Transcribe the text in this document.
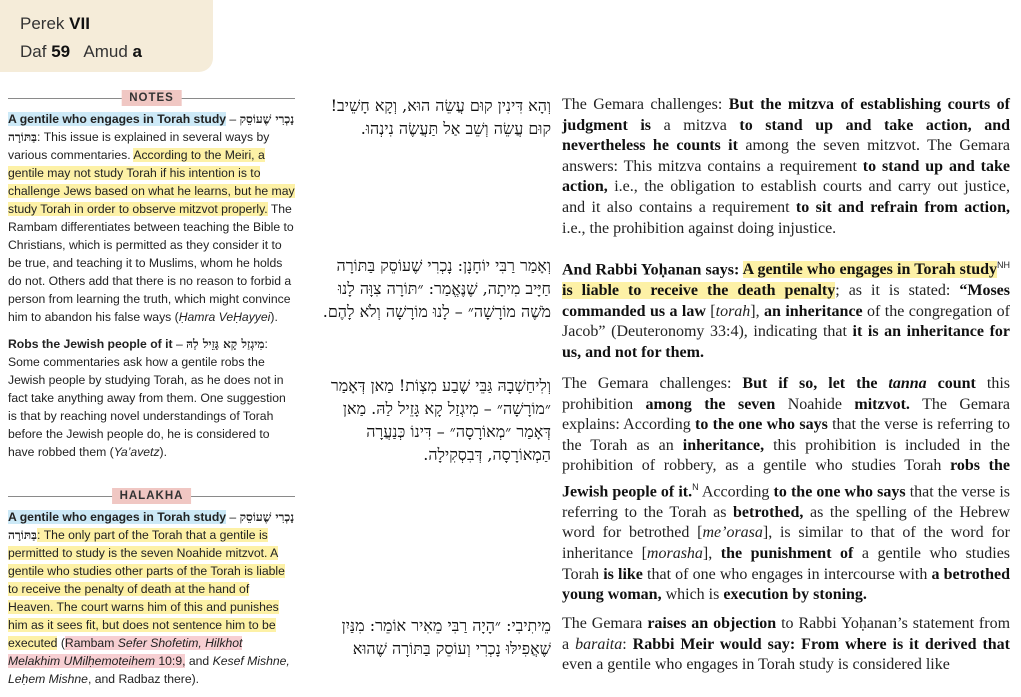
Perek VII
Daf 59 Amud a
NOTES

A gentile who engages in Torah study – נָכְרִי שֶׁעוֹסֵק בַּתּוֹרָה: This issue is explained in several ways by various commentaries. According to the Meiri, a gentile may not study Torah if his intention is to challenge Jews based on what he learns, but he may study Torah in order to observe mitzvot properly. The Rambam differentiates between teaching the Bible to Christians, which is permitted as they consider it to be true, and teaching it to Muslims, whom he holds do not. Others add that there is no reason to forbid a person from learning the truth, which might convince him to abandon his false ways (Ḥamra VeḤayyei).

Robs the Jewish people of it – מִיגְזַל קָא גָּזֵיל לַהּ: Some commentaries ask how a gentile robs the Jewish people by studying Torah, as he does not in fact take anything away from them. One suggestion is that by reaching novel understandings of Torah before the Jewish people do, he is considered to have robbed them (Ya’avetz).

HALAKHA

A gentile who engages in Torah study – נָכְרִי שֶׁעוֹסֵק בַּתּוֹרָה: The only part of the Torah that a gentile is permitted to study is the seven Noahide mitzvot. A gentile who studies other parts of the Torah is liable to receive the penalty of death at the hand of Heaven. The court warns him of this and punishes him as it sees fit, but does not sentence him to be executed (Rambam Sefer Shofetim, Hilkhot Melakhim UMilḥemoteihem 10:9, and Kesef Mishne, Leḥem Mishne, and Radbaz there).

וְהָא דִּינִין קוּם עֲשֵׂה הוּא, וְקָא חָשֵׁיב! קוּם עֲשֵׂה וְשֵׁב אַל תַּעֲשֶׂה נִינְהוּ.
וְאָמַר רַבִּי יוֹחָנָן: נָכְרִי שֶׁעוֹסֵק בַּתּוֹרָה חַיָּיב מִיתָה, שֶׁנֶּאֱמַר: ״תּוֹרָה צִוָּה לָנוּ מֹשֶׁה מוֹרָשָׁה״ – לָנוּ מוֹרָשָׁה וְלֹא לָהֶם.
וְלִיחַשְׁבָהּ גַּבֵּי שֶׁבַע מִצְוֹת! מַאן דְּאָמַר ״מוֹרָשָׁה״ – מִיגְזַל קָא גָּזֵיל לַהּ. מַאן דְּאָמַר ״מְאוֹרָסָה״ – דִּינוֹ כְּנַעֲרָה הַמְאוֹרָסָה, דְּבִסְקִילָה.
מֵיתִיבִי: ״הָיָה רַבִּי מֵאִיר אוֹמֵר: מִנַּיִן שֶׁאֲפִילּוּ נָכְרִי וְעוֹסֵק בַּתּוֹרָה שֶׁהוּא
The Gemara challenges: But the mitzva of establishing courts of judgment is a mitzva to stand up and take action, and nevertheless he counts it among the seven mitzvot. The Gemara answers: This mitzva contains a requirement to stand up and take action, i.e., the obligation to establish courts and carry out justice, and it also contains a requirement to sit and refrain from action, i.e., the prohibition against doing injustice.
And Rabbi Yoḥanan says: A gentile who engages in Torah study$^{NH}$ is liable to receive the death penalty; as it is stated: “Moses commanded us a law [torah], an inheritance of the congregation of Jacob” (Deuteronomy 33:4), indicating that it is an inheritance for us, and not for them.
The Gemara challenges: But if so, let the tanna count this prohibition among the seven Noahide mitzvot. The Gemara explains: According to the one who says that the verse is referring to the Torah as an inheritance, this prohibition is included in the prohibition of robbery, as a gentile who studies Torah robs the Jewish people of it.$^N$ According to the one who says that the verse is referring to the Torah as betrothed, as the spelling of the Hebrew word for betrothed [me’orasa], is similar to that of the word for inheritance [morasha], the punishment of a gentile who studies Torah is like that of one who engages in intercourse with a betrothed young woman, which is execution by stoning.
The Gemara raises an objection to Rabbi Yoḥanan’s statement from a baraita: Rabbi Meir would say: From where is it derived that even a gentile who engages in Torah study is considered like
